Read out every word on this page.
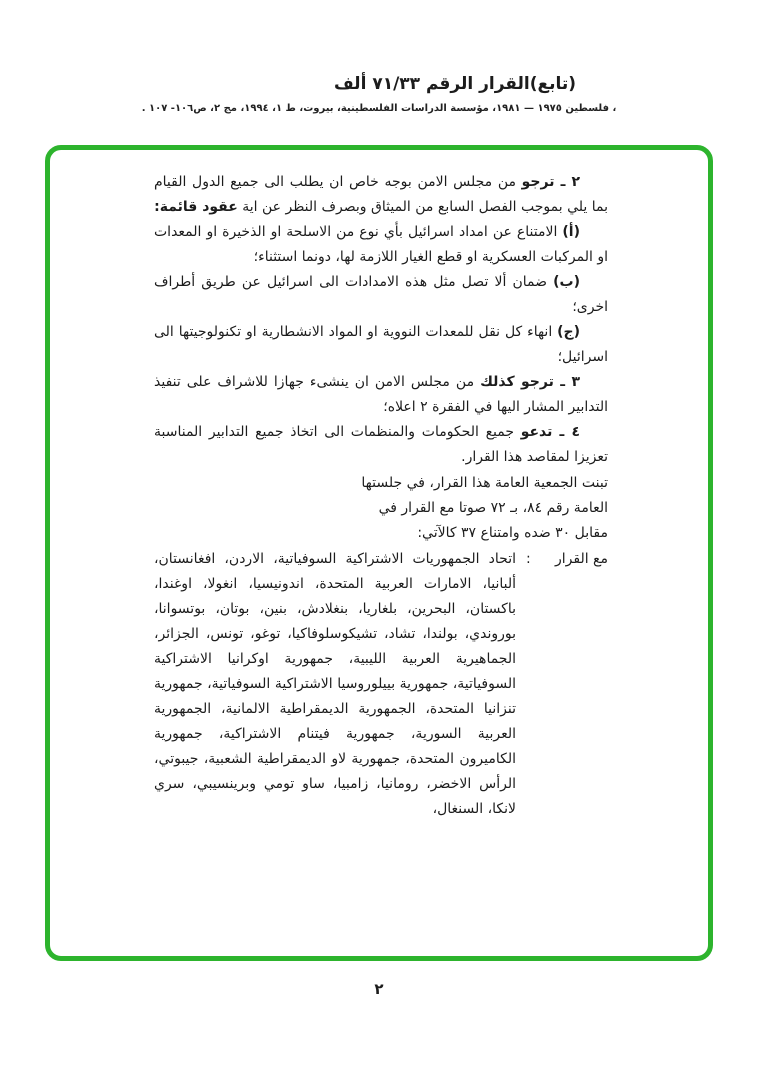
(تابع)القرار الرقم ٧١/٣٣ ألف
، فلسطين ١٩٧٥ — ١٩٨١، مؤسسة الدراسات الفلسطينية، بيروت، ط ١، ١٩٩٤، مج ٢، ص١٠٦- ١٠٧ .

٢ ـ ترجو من مجلس الامن بوجه خاص ان يطلب الى جميع الدول القيام بما يلي بموجب الفصل السابع من الميثاق وبصرف النظر عن اية عقود قائمة:

(أ) الامتناع عن امداد اسرائيل بأي نوع من الاسلحة او الذخيرة او المعدات او المركبات العسكرية او قطع الغيار اللازمة لها، دونما استثناء؛

(ب) ضمان ألا تصل مثل هذه الامدادات الى اسرائيل عن طريق أطراف اخرى؛

(ج) انهاء كل نقل للمعدات النووية او المواد الانشطارية او تكنولوجيتها الى اسرائيل؛

٣ ـ ترجو كذلك من مجلس الامن ان ينشىء جهازا للاشراف على تنفيذ التدابير المشار اليها في الفقرة ٢ اعلاه؛

٤ ـ تدعو جميع الحكومات والمنظمات الى اتخاذ جميع التدابير المناسبة تعزيزا لمقاصد هذا القرار.

تبنت الجمعية العامة هذا القرار، في جلستها العامة رقم ٨٤، بـ ٧٢ صوتا مع القرار في مقابل ٣٠ ضده وامتناع ٣٧ كالآتي:
مع القرار
:
اتحاد الجمهوريات الاشتراكية السوفياتية، الاردن، افغانستان، ألبانيا، الامارات العربية المتحدة، اندونيسيا، انغولا، اوغندا، باكستان، البحرين، بلغاريا، بنغلادش، بنين، بوتان، بوتسوانا، بوروندي، بولندا، تشاد، تشيكوسلوفاكيا، توغو، تونس، الجزائر، الجماهيرية العربية الليبية، جمهورية اوكرانيا الاشتراكية السوفياتية، جمهورية بييلوروسيا الاشتراكية السوفياتية، جمهورية تنزانيا المتحدة، الجمهورية الديمقراطية الالمانية، الجمهورية العربية السورية، جمهورية فيتنام الاشتراكية، جمهورية الكاميرون المتحدة، جمهورية لاو الديمقراطية الشعبية، جيبوتي، الرأس الاخضر، رومانيا، زامبيا، ساو تومي وبرينسيبي، سري لانكا، السنغال،
٢
